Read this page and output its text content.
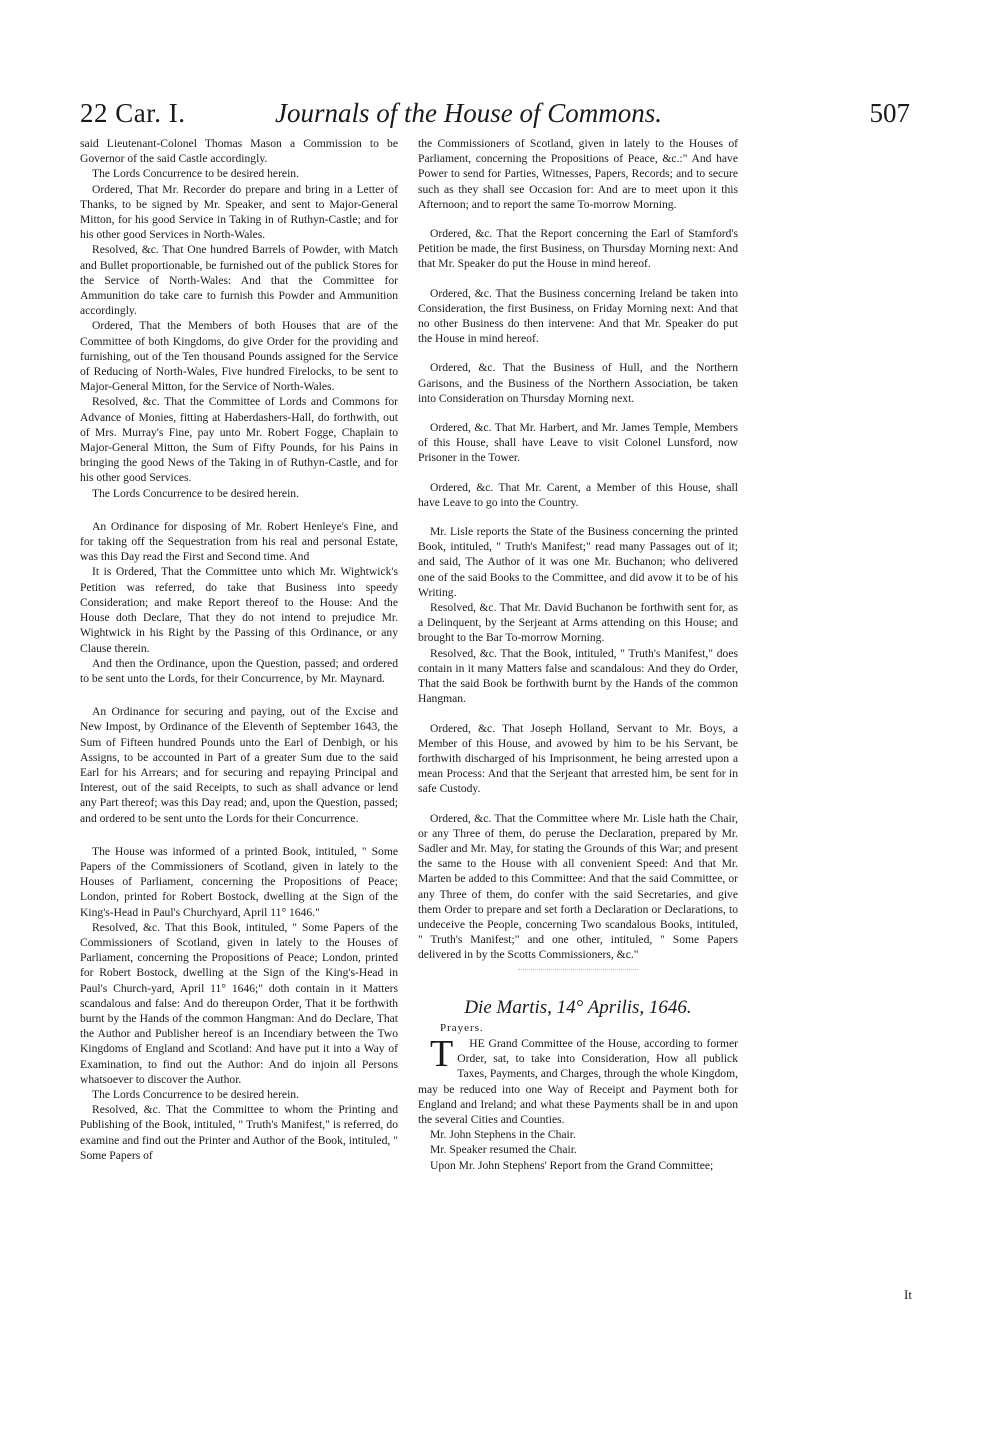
22 Car. I.	Journals of the House of Commons.	507

said Lieutenant-Colonel Thomas Mason a Commission to be Governor of the said Castle accordingly.

The Lords Concurrence to be desired herein.

Ordered, That Mr. Recorder do prepare and bring in a Letter of Thanks, to be signed by Mr. Speaker, and sent to Major-General Mitton, for his good Service in Taking in of Ruthyn-Castle; and for his other good Services in North-Wales.

Resolved, &c. That One hundred Barrels of Powder, with Match and Bullet proportionable, be furnished out of the publick Stores for the Service of North-Wales: And that the Committee for Ammunition do take care to furnish this Powder and Ammunition accordingly.

Ordered, That the Members of both Houses that are of the Committee of both Kingdoms, do give Order for the providing and furnishing, out of the Ten thousand Pounds assigned for the Service of Reducing of North-Wales, Five hundred Firelocks, to be sent to Major-General Mitton, for the Service of North-Wales.

Resolved, &c. That the Committee of Lords and Commons for Advance of Monies, fitting at Haberdashers-Hall, do forthwith, out of Mrs. Murray's Fine, pay unto Mr. Robert Fogge, Chaplain to Major-General Mitton, the Sum of Fifty Pounds, for his Pains in bringing the good News of the Taking in of Ruthyn-Castle, and for his other good Services.

The Lords Concurrence to be desired herein.

An Ordinance for disposing of Mr. Robert Henleye's Fine, and for taking off the Sequestration from his real and personal Estate, was this Day read the First and Second time. And

It is Ordered, That the Committee unto which Mr. Wightwick's Petition was referred, do take that Business into speedy Consideration; and make Report thereof to the House: And the House doth Declare, That they do not intend to prejudice Mr. Wightwick in his Right by the Passing of this Ordinance, or any Clause therein.

And then the Ordinance, upon the Question, passed; and ordered to be sent unto the Lords, for their Concurrence, by Mr. Maynard.

An Ordinance for securing and paying, out of the Excise and New Impost, by Ordinance of the Eleventh of September 1643, the Sum of Fifteen hundred Pounds unto the Earl of Denbigh, or his Assigns, to be accounted in Part of a greater Sum due to the said Earl for his Arrears; and for securing and repaying Principal and Interest, out of the said Receipts, to such as shall advance or lend any Part thereof; was this Day read; and, upon the Question, passed; and ordered to be sent unto the Lords for their Concurrence.

The House was informed of a printed Book, intituled, " Some Papers of the Commissioners of Scotland, given in lately to the Houses of Parliament, concerning the Propositions of Peace; London, printed for Robert Bostock, dwelling at the Sign of the King's-Head in Paul's Churchyard, April 11° 1646."

Resolved, &c. That this Book, intituled, " Some Papers of the Commissioners of Scotland, given in lately to the Houses of Parliament, concerning the Propositions of Peace; London, printed for Robert Bostock, dwelling at the Sign of the King's-Head in Paul's Church-yard, April 11° 1646;" doth contain in it Matters scandalous and false: And do thereupon Order, That it be forthwith burnt by the Hands of the common Hangman: And do Declare, That the Author and Publisher hereof is an Incendiary between the Two Kingdoms of England and Scotland: And have put it into a Way of Examination, to find out the Author: And do injoin all Persons whatsoever to discover the Author.

The Lords Concurrence to be desired herein.

Resolved, &c. That the Committee to whom the Printing and Publishing of the Book, intituled, " Truth's Manifest," is referred, do examine and find out the Printer and Author of the Book, intituled, " Some Papers of

the Commissioners of Scotland, given in lately to the Houses of Parliament, concerning the Propositions of Peace, &c.:" And have Power to send for Parties, Witnesses, Papers, Records; and to secure such as they shall see Occasion for: And are to meet upon it this Afternoon; and to report the same To-morrow Morning.

Ordered, &c. That the Report concerning the Earl of Stamford's Petition be made, the first Business, on Thursday Morning next: And that Mr. Speaker do put the House in mind hereof.

Ordered, &c. That the Business concerning Ireland be taken into Consideration, the first Business, on Friday Morning next: And that no other Business do then intervene: And that Mr. Speaker do put the House in mind hereof.

Ordered, &c. That the Business of Hull, and the Northern Garisons, and the Business of the Northern Association, be taken into Consideration on Thursday Morning next.

Ordered, &c. That Mr. Harbert, and Mr. James Temple, Members of this House, shall have Leave to visit Colonel Lunsford, now Prisoner in the Tower.

Ordered, &c. That Mr. Carent, a Member of this House, shall have Leave to go into the Country.

Mr. Lisle reports the State of the Business concerning the printed Book, intituled, " Truth's Manifest;" read many Passages out of it; and said, The Author of it was one Mr. Buchanon; who delivered one of the said Books to the Committee, and did avow it to be of his Writing.

Resolved, &c. That Mr. David Buchanon be forthwith sent for, as a Delinquent, by the Serjeant at Arms attending on this House; and brought to the Bar To-morrow Morning.

Resolved, &c. That the Book, intituled, " Truth's Manifest," does contain in it many Matters false and scandalous: And they do Order, That the said Book be forthwith burnt by the Hands of the common Hangman.

Ordered, &c. That Joseph Holland, Servant to Mr. Boys, a Member of this House, and avowed by him to be his Servant, be forthwith discharged of his Imprisonment, he being arrested upon a mean Process: And that the Serjeant that arrested him, be sent for in safe Custody.

Ordered, &c. That the Committee where Mr. Lisle hath the Chair, or any Three of them, do peruse the Declaration, prepared by Mr. Sadler and Mr. May, for stating the Grounds of this War; and present the same to the House with all convenient Speed: And that Mr. Marten be added to this Committee: And that the said Committee, or any Three of them, do confer with the said Secretaries, and give them Order to prepare and set forth a Declaration or Declarations, to undeceive the People, concerning Two scandalous Books, intituled, " Truth's Manifest;" and one other, intituled, " Some Papers delivered in by the Scotts Commissioners, &c."

Die Martis, 14° Aprilis, 1646.
Prayers.

T HE Grand Committee of the House, according to former Order, sat, to take into Consideration, How all publick Taxes, Payments, and Charges, through the whole Kingdom, may be reduced into one Way of Receipt and Payment both for England and Ireland; and what these Payments shall be in and upon the several Cities and Counties.

Mr. John Stephens in the Chair.

Mr. Speaker resumed the Chair.

Upon Mr. John Stephens' Report from the Grand Committee;

It
